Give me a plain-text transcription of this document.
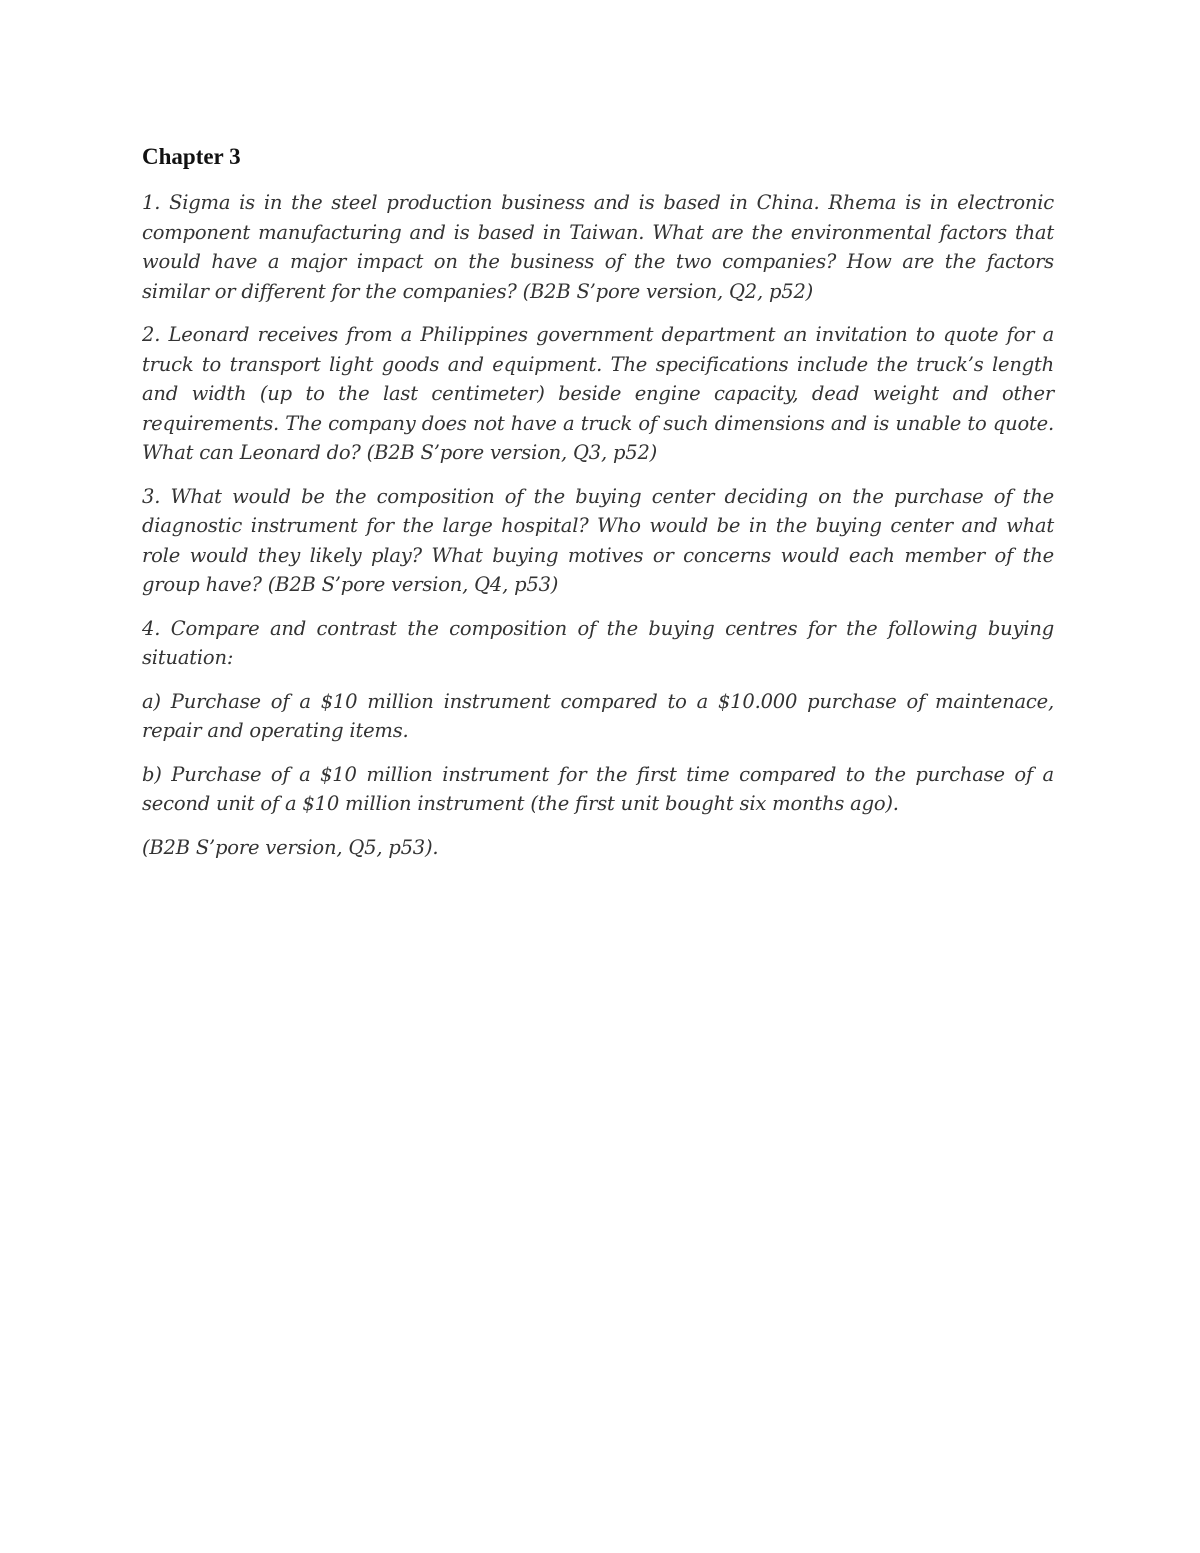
Chapter 3

1. Sigma is in the steel production business and is based in China. Rhema is in electronic component manufacturing and is based in Taiwan. What are the environmental factors that would have a major impact on the business of the two companies? How are the factors similar or different for the companies? (B2B S’pore version, Q2, p52)

2. Leonard receives from a Philippines government department an invitation to quote for a truck to transport light goods and equipment. The specifications include the truck’s length and width (up to the last centimeter) beside engine capacity, dead weight and other requirements. The company does not have a truck of such dimensions and is unable to quote. What can Leonard do? (B2B S’pore version, Q3, p52)

3. What would be the composition of the buying center deciding on the purchase of the diagnostic instrument for the large hospital? Who would be in the buying center and what role would they likely play? What buying motives or concerns would each member of the group have? (B2B S’pore version, Q4, p53)

4. Compare and contrast the composition of the buying centres for the following buying situation:

a) Purchase of a $10 million instrument compared to a $10.000 purchase of maintenace, repair and operating items.

b) Purchase of a $10 million instrument for the first time compared to the purchase of a second unit of a $10 million instrument (the first unit bought six months ago).

(B2B S’pore version, Q5, p53).
